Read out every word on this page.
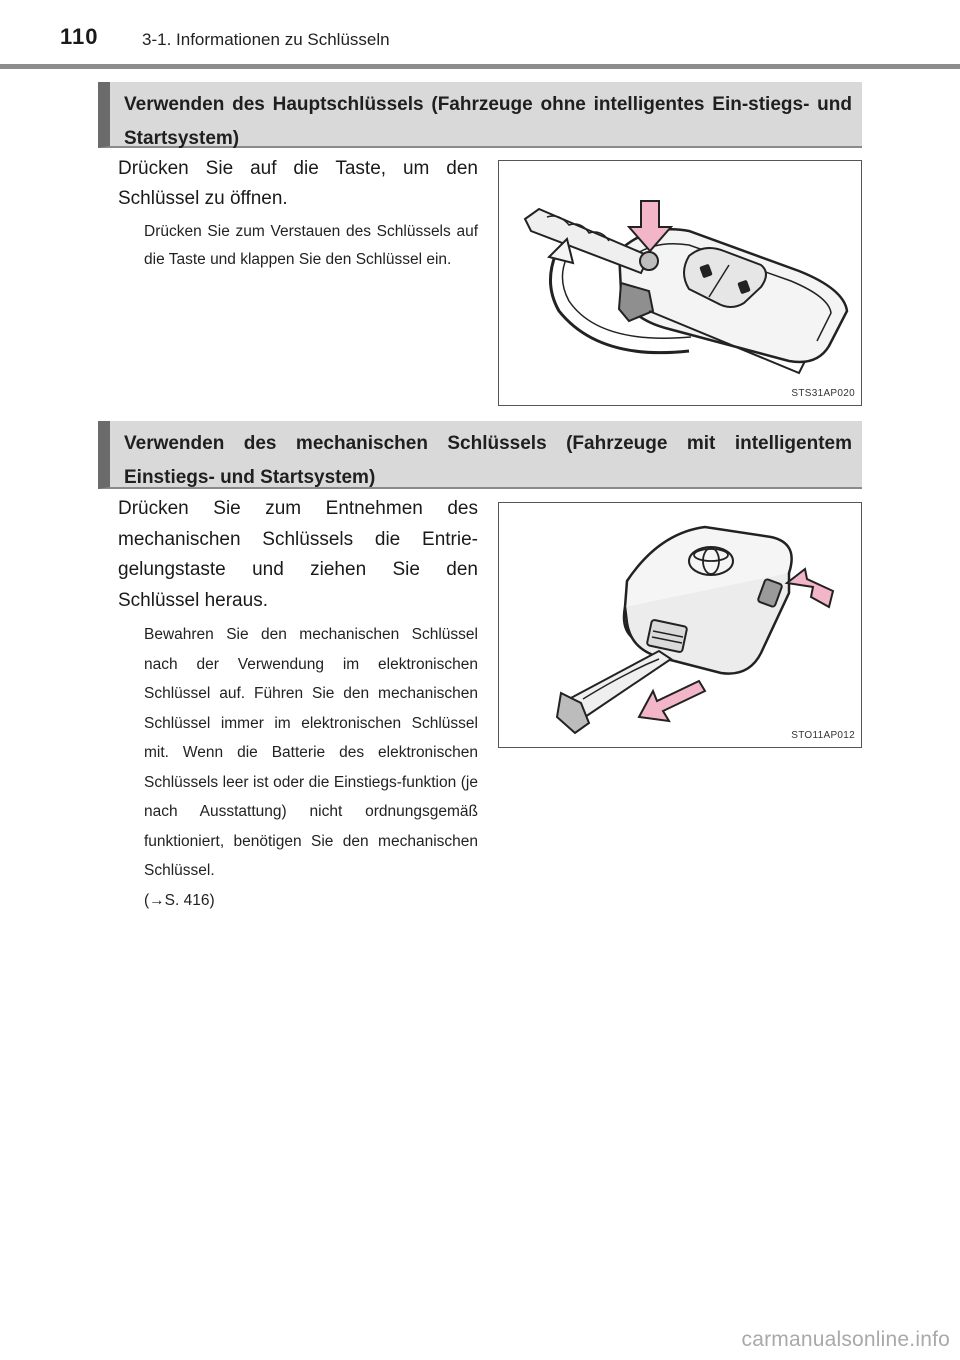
110	3-1. Informationen zu Schlüsseln
Verwenden des Hauptschlüssels (Fahrzeuge ohne intelligentes Ein-stiegs- und Startsystem)
Drücken Sie auf die Taste, um den Schlüssel zu öffnen.
Drücken Sie zum Verstauen des Schlüssels auf die Taste und klappen Sie den Schlüssel ein.
STS31AP020
Verwenden des mechanischen Schlüssels (Fahrzeuge mit intelligentem Einstiegs- und Startsystem)
Drücken Sie zum Entnehmen des mechanischen Schlüssels die Entrie-gelungstaste und ziehen Sie den Schlüssel heraus.
Bewahren Sie den mechanischen Schlüssel nach der Verwendung im elektronischen Schlüssel auf. Führen Sie den mechanischen Schlüssel immer im elektronischen Schlüssel mit. Wenn die Batterie des elektronischen Schlüssels leer ist oder die Einstiegs-funktion (je nach Ausstattung) nicht ordnungsgemäß funktioniert, benötigen Sie den mechanischen Schlüssel.
(→S. 416)
STO11AP012
carmanualsonline.info
